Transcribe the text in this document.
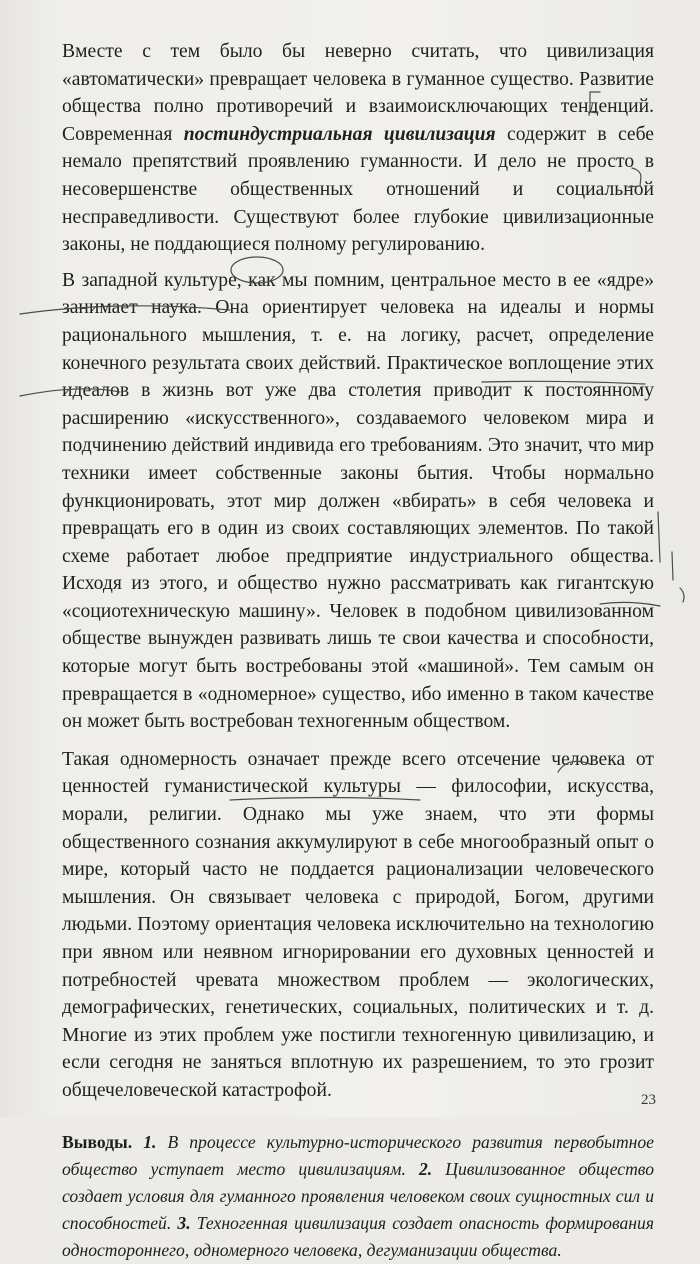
Вместе с тем было бы неверно считать, что цивилизация «автоматически» превращает человека в гуманное существо. Развитие общества полно противоречий и взаимоисключающих тенденций. Современная постиндустриальная цивилизация содержит в себе немало препятствий проявлению гуманности. И дело не просто в несовершенстве общественных отношений и социальной несправедливости. Существуют более глубокие цивилизационные законы, не поддающиеся полному регулированию.

В западной культуре, как мы помним, центральное место в ее «ядре» занимает наука. Она ориентирует человека на идеалы и нормы рационального мышления, т. е. на логику, расчет, определение конечного результата своих действий. Практическое воплощение этих идеалов в жизнь вот уже два столетия приводит к постоянному расширению «искусственного», создаваемого человеком мира и подчинению действий индивида его требованиям. Это значит, что мир техники имеет собственные законы бытия. Чтобы нормально функционировать, этот мир должен «вбирать» в себя человека и превращать его в один из своих составляющих элементов. По такой схеме работает любое предприятие индустриального общества. Исходя из этого, и общество нужно рассматривать как гигантскую «социотехническую машину». Человек в подобном цивилизованном обществе вынужден развивать лишь те свои качества и способности, которые могут быть востребованы этой «машиной». Тем самым он превращается в «одномерное» существо, ибо именно в таком качестве он может быть востребован техногенным обществом.

Такая одномерность означает прежде всего отсечение человека от ценностей гуманистической культуры — философии, искусства, морали, религии. Однако мы уже знаем, что эти формы общественного сознания аккумулируют в себе многообразный опыт о мире, который часто не поддается рационализации человеческого мышления. Он связывает человека с природой, Богом, другими людьми. Поэтому ориентация человека исключительно на технологию при явном или неявном игнорировании его духовных ценностей и потребностей чревата множеством проблем — экологических, демографических, генетических, социальных, политических и т. д. Многие из этих проблем уже постигли техногенную цивилизацию, и если сегодня не заняться вплотную их разрешением, то это грозит общечеловеческой катастрофой.

Выводы. 1. В процессе культурно-исторического развития первобытное общество уступает место цивилизациям. 2. Цивилизованное общество создает условия для гуманного проявления человеком своих сущностных сил и способностей. 3. Техногенная цивилизация создает опасность формирования одностороннего, одномерного человека, дегуманизации общества.

23
